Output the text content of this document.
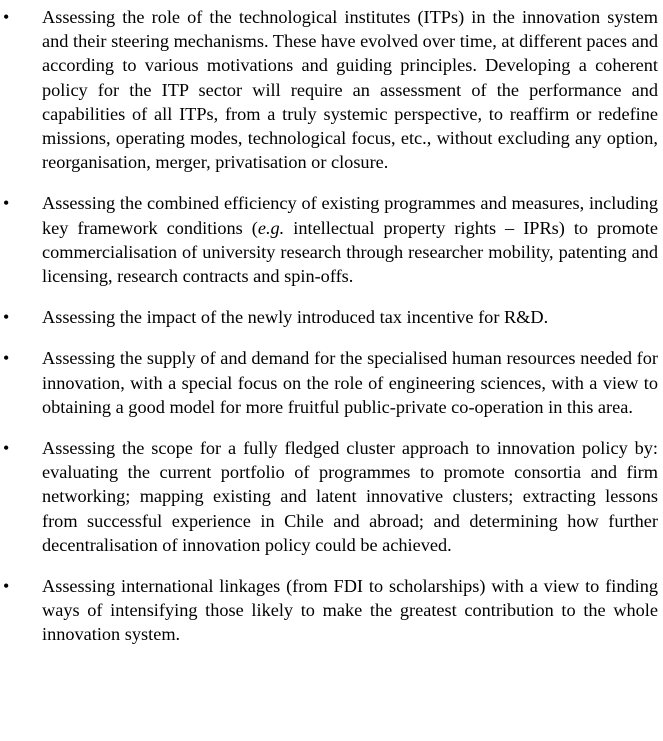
•	Assessing the role of the technological institutes (ITPs) in the innovation system and their steering mechanisms. These have evolved over time, at different paces and according to various motivations and guiding principles. Developing a coherent policy for the ITP sector will require an assessment of the performance and capabilities of all ITPs, from a truly systemic perspective, to reaffirm or redefine missions, operating modes, technological focus, etc., without excluding any option, reorganisation, merger, privatisation or closure.
•	Assessing the combined efficiency of existing programmes and measures, including key framework conditions (e.g. intellectual property rights – IPRs) to promote commercialisation of university research through researcher mobility, patenting and licensing, research contracts and spin-offs.
•	Assessing the impact of the newly introduced tax incentive for R&D.
•	Assessing the supply of and demand for the specialised human resources needed for innovation, with a special focus on the role of engineering sciences, with a view to obtaining a good model for more fruitful public-private co-operation in this area.
•	Assessing the scope for a fully fledged cluster approach to innovation policy by: evaluating the current portfolio of programmes to promote consortia and firm networking; mapping existing and latent innovative clusters; extracting lessons from successful experience in Chile and abroad; and determining how further decentralisation of innovation policy could be achieved.
•	Assessing international linkages (from FDI to scholarships) with a view to finding ways of intensifying those likely to make the greatest contribution to the whole innovation system.
